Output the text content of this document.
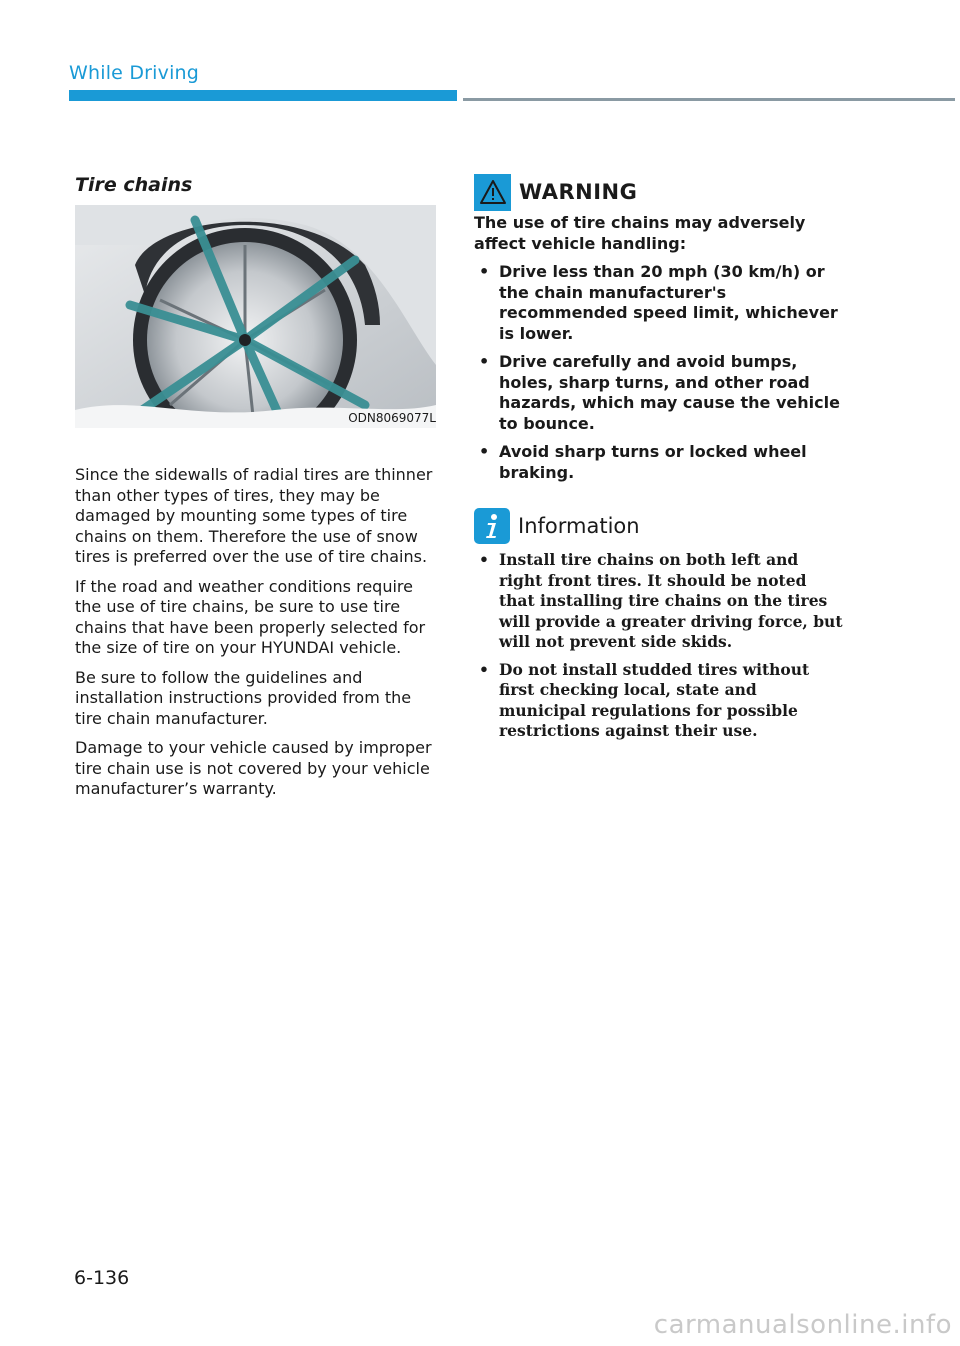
While Driving
Tire chains
ODN8069077L

Since the sidewalls of radial tires are thinner than other types of tires, they may be damaged by mounting some types of tire chains on them. Therefore the use of snow tires is preferred over the use of tire chains.

If the road and weather conditions require the use of tire chains, be sure to use tire chains that have been properly selected for the size of tire on your HYUNDAI vehicle.

Be sure to follow the guidelines and installation instructions provided from the tire chain manufacturer.

Damage to your vehicle caused by improper tire chain use is not covered by your vehicle manufacturer’s warranty.

WARNING

The use of tire chains may adversely affect vehicle handling:

• Drive less than 20 mph (30 km/h) or the chain manufacturer's recommended speed limit, whichever is lower.
• Drive carefully and avoid bumps, holes, sharp turns, and other road hazards, which may cause the vehicle to bounce.
• Avoid sharp turns or locked wheel braking.
Information
• Install tire chains on both left and right front tires. It should be noted that installing tire chains on the tires will provide a greater driving force, but will not prevent side skids.
• Do not install studded tires without first checking local, state and municipal regulations for possible restrictions against their use.
6-136
carmanualsonline.info
